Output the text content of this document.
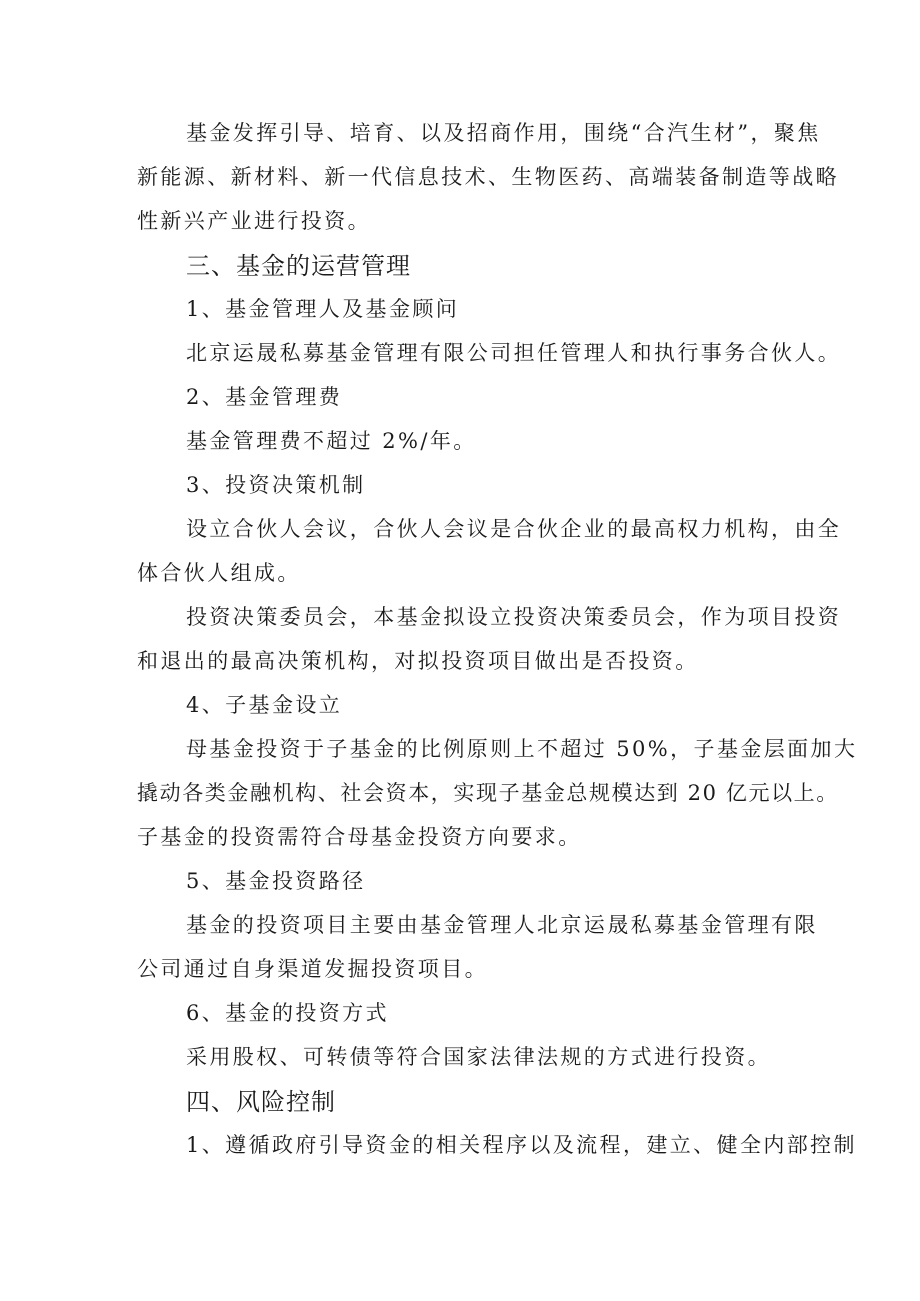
基金发挥引导、培育、以及招商作用，围绕“合汽生材”，聚焦
新能源、新材料、新一代信息技术、生物医药、高端装备制造等战略
性新兴产业进行投资。
三、基金的运营管理
1、基金管理人及基金顾问
北京运晟私募基金管理有限公司担任管理人和执行事务合伙人。
2、基金管理费
基金管理费不超过 2%/年。
3、投资决策机制
设立合伙人会议，合伙人会议是合伙企业的最高权力机构，由全
体合伙人组成。
投资决策委员会，本基金拟设立投资决策委员会，作为项目投资
和退出的最高决策机构，对拟投资项目做出是否投资。
4、子基金设立
母基金投资于子基金的比例原则上不超过 50%，子基金层面加大
撬动各类金融机构、社会资本，实现子基金总规模达到 20 亿元以上。
子基金的投资需符合母基金投资方向要求。
5、基金投资路径
基金的投资项目主要由基金管理人北京运晟私募基金管理有限
公司通过自身渠道发掘投资项目。
6、基金的投资方式
采用股权、可转债等符合国家法律法规的方式进行投资。
四、风险控制
1、遵循政府引导资金的相关程序以及流程，建立、健全内部控制
